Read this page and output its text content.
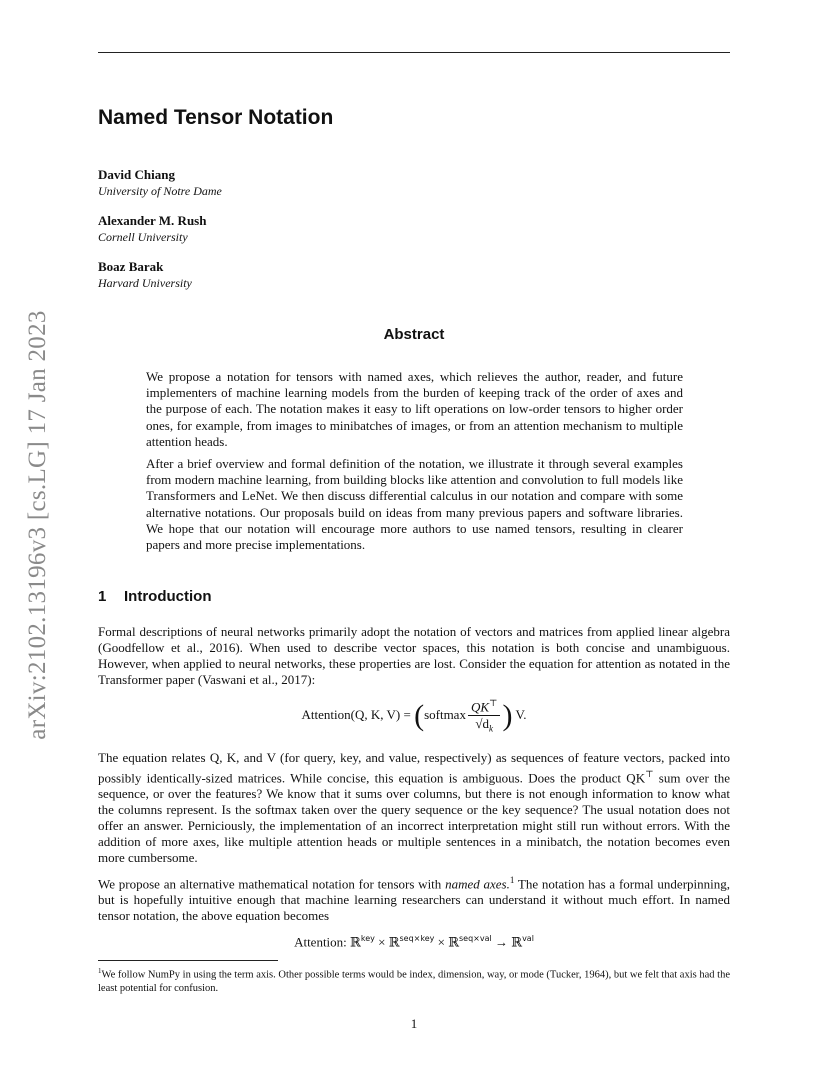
arXiv:2102.13196v3 [cs.LG] 17 Jan 2023
Named Tensor Notation
David Chiang
University of Notre Dame
Alexander M. Rush
Cornell University
Boaz Barak
Harvard University
Abstract

We propose a notation for tensors with named axes, which relieves the author, reader, and future implementers of machine learning models from the burden of keeping track of the order of axes and the purpose of each. The notation makes it easy to lift operations on low-order tensors to higher order ones, for example, from images to minibatches of images, or from an attention mechanism to multiple attention heads.

After a brief overview and formal definition of the notation, we illustrate it through several examples from modern machine learning, from building blocks like attention and convolution to full models like Transformers and LeNet. We then discuss differential calculus in our notation and compare with some alternative notations. Our proposals build on ideas from many previous papers and software libraries. We hope that our notation will encourage more authors to use named tensors, resulting in clearer papers and more precise implementations.

1 Introduction

Formal descriptions of neural networks primarily adopt the notation of vectors and matrices from applied linear algebra (Goodfellow et al., 2016). When used to describe vector spaces, this notation is both concise and unambiguous. However, when applied to neural networks, these properties are lost. Consider the equation for attention as notated in the Transformer paper (Vaswani et al., 2017):

Attention(Q, K, V) = (softmax $\frac{QK^⊤}{√d_k}$ ) V.

The equation relates Q, K, and V (for query, key, and value, respectively) as sequences of feature vectors, packed into possibly identically-sized matrices. While concise, this equation is ambiguous. Does the product QK⊤ sum over the sequence, or over the features? We know that it sums over columns, but there is not enough information to know what the columns represent. Is the softmax taken over the query sequence or the key sequence? The usual notation does not offer an answer. Perniciously, the implementation of an incorrect interpretation might still run without errors. With the addition of more axes, like multiple attention heads or multiple sentences in a minibatch, the notation becomes even more cumbersome.

We propose an alternative mathematical notation for tensors with named axes.$^1$ The notation has a formal underpinning, but is hopefully intuitive enough that machine learning researchers can understand it without much effort. In named tensor notation, the above equation becomes

Attention: ℝ$^{key}$ × ℝ$^{seq\times key}$ × ℝ$^{seq\times val}$ → ℝ$^{val}$

$^1$We follow NumPy in using the term axis. Other possible terms would be index, dimension, way, or mode (Tucker, 1964), but we felt that axis had the least potential for confusion.

1
